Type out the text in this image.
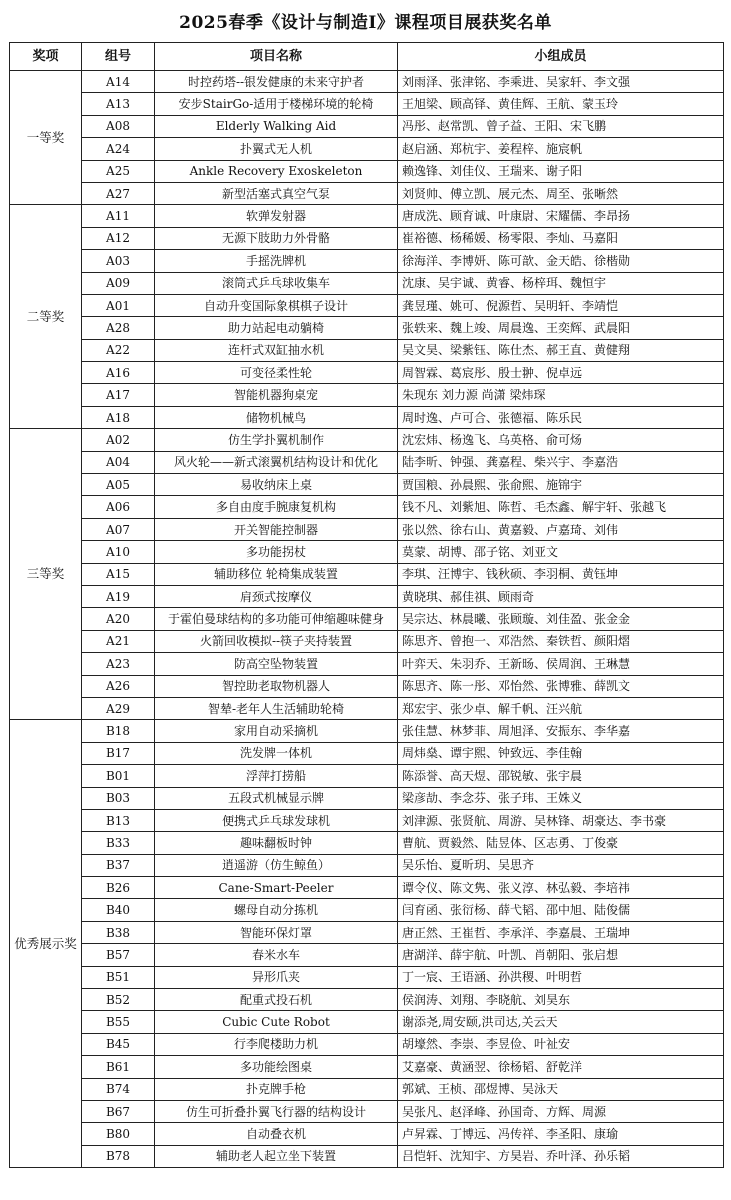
2025春季《设计与制造I》课程项目展获奖名单
奖项	组号	项目名称	小组成员
一等奖	A14	时控药塔--银发健康的未来守护者	刘雨泽、张津铭、李乘进、吴家轩、李文强
	A13	安步StairGo-适用于楼梯环境的轮椅	王旭梁、顾高铎、黄佳辉、王航、蒙玉玲
	A08	Elderly Walking Aid	冯彤、赵常凯、曾子益、王阳、宋飞鹏
	A24	扑翼式无人机	赵启涵、郑杭宇、姜程梓、施宸帆
	A25	Ankle Recovery Exoskeleton	赖逸锋、刘佳仪、王瑞来、谢子阳
	A27	新型活塞式真空气泵	刘贤帅、傅立凯、展元杰、周至、张晰然
二等奖	A11	软弹发射器	唐成洗、顾育诚、叶康尉、宋耀儒、李昂扬
	A12	无源下肢助力外骨骼	崔裕德、杨稀媛、杨零限、李灿、马嘉阳
	A03	手摇洗牌机	徐海洋、李博妍、陈可歆、金天皓、徐楷勋
	A09	滚筒式乒乓球收集车	沈康、吴宇诚、黄睿、杨梓珥、魏恒宇
	A01	自动升变国际象棋棋子设计	龚昱瑾、姚可、倪源哲、吴明轩、李靖恺
	A28	助力站起电动躺椅	张轶来、魏上竣、周晨逸、王奕辉、武晨阳
	A22	连杆式双缸抽水机	吴文昊、梁紫钰、陈仕杰、郝王直、黄健翔
	A16	可变径柔性轮	周智霖、葛宸彤、殷士翀、倪卓远
	A17	智能机器狗桌宠	朱现东 刘力源 尚潇 梁炜琛
	A18	储物机械鸟	周时逸、卢可合、张德福、陈乐民
三等奖	A02	仿生学扑翼机制作	沈宏炜、杨逸飞、乌英格、俞可炀
	A04	风火轮——新式滚翼机结构设计和优化	陆李昕、钟强、龚嘉程、柴兴宇、李嘉浩
	A05	易收纳床上桌	贾国粮、孙晨熙、张俞熙、施锦宇
	A06	多自由度手腕康复机构	钱不凡、刘紫旭、陈哲、毛杰鑫、解宇轩、张越飞
	A07	开关智能控制器	张以然、徐右山、黄嘉毅、卢嘉琦、刘伟
	A10	多功能拐杖	莫蒙、胡博、邵子铭、刘亚文
	A15	辅助移位 轮椅集成装置	李琪、汪博宇、钱秋硕、李羽桐、黄钰坤
	A19	肩颈式按摩仪	黄晓琪、郝佳祺、顾雨奇
	A20	于霍伯曼球结构的多功能可伸缩趣味健身	吴宗达、林晨曦、张顾璇、刘佳盈、张金金
	A21	火箭回收模拟--筷子夹持装置	陈思齐、曾抱一、邓浩然、秦铁哲、颜阳熠
	A23	防高空坠物装置	叶弈天、朱羽乔、王新旸、侯周润、王琳慧
	A26	智控助老取物机器人	陈思齐、陈一彤、邓怡然、张博雅、薛凯文
	A29	智辇-老年人生活辅助轮椅	郑宏宇、张少卓、解千帆、汪兴航
优秀展示奖	B18	家用自动采摘机	张佳慧、林梦菲、周旭泽、安振东、李华嘉
	B17	洗发牌一体机	周炜燊、谭宇熙、钟致远、李佳翰
	B01	浮萍打捞船	陈添誉、高天煜、邵锐敏、张宇晨
	B03	五段式机械显示牌	梁彦劼、李念芬、张子玮、王姝义
	B13	便携式乒乓球发球机	刘津源、张贤航、周游、吴林锋、胡豪达、李书豪
	B33	趣味翻板时钟	曹航、贾毅然、陆昱体、区志勇、丁俊豪
	B37	逍遥游（仿生鲸鱼）	吴乐怡、夏昕玥、吴思齐
	B26	Cane-Smart-Peeler	谭令仪、陈文隽、张义淳、林弘毅、李培祎
	B40	螺母自动分拣机	闫育函、张衍杨、薛弋韬、邵中旭、陆俊儒
	B38	智能环保灯罩	唐正然、王崔哲、李承洋、李嘉晨、王瑞坤
	B57	春米水车	唐湖洋、薛宇航、叶凯、肖朝阳、张启想
	B51	异形爪夹	丁一宸、王语涵、孙洪稷、叶明哲
	B52	配重式投石机	侯润涛、刘翔、李晓航、刘昊东
	B55	Cubic Cute Robot	谢添尧,周安颐,洪司达,关云天
	B45	行李爬楼助力机	胡壕然、李崇、李昱俭、叶祉安
	B61	多功能绘图桌	艾嘉豪、黄涵翌、徐杨韬、舒乾洋
	B74	扑克牌手枪	郭斌、王桢、邵煜博、吴泳天
	B67	仿生可折叠扑翼飞行器的结构设计	吴张凡、赵泽峰、孙国奇、方辉、周源
	B80	自动叠衣机	卢昇霖、丁博远、冯传祥、李圣阳、康瑜
	B78	辅助老人起立坐下装置	吕恺轩、沈知宇、方昊岩、乔叶泽、孙乐韬
